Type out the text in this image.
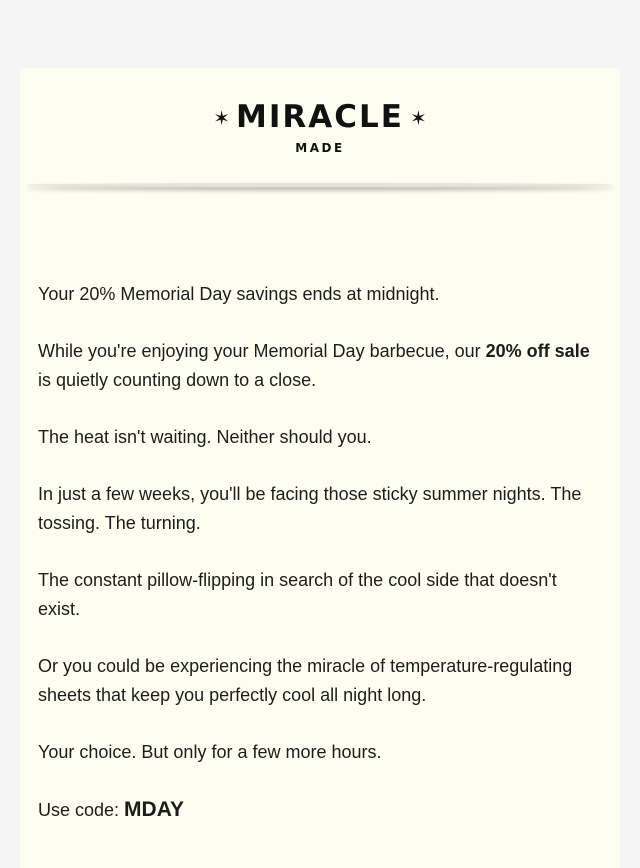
✶ MIRACLE ✶
MADE

Your 20% Memorial Day savings ends at midnight.

While you're enjoying your Memorial Day barbecue, our 20% off sale is quietly counting down to a close.

The heat isn't waiting. Neither should you.

In just a few weeks, you'll be facing those sticky summer nights. The tossing. The turning.

The constant pillow-flipping in search of the cool side that doesn't exist.

Or you could be experiencing the miracle of temperature-regulating sheets that keep you perfectly cool all night long.

Your choice. But only for a few more hours.

Use code: MDAY
